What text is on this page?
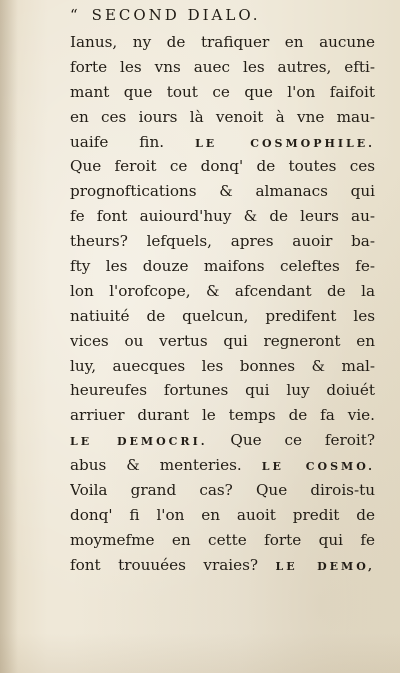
“ SECOND DIALO.
Ianus, ny de trafiquer en aucune
forte les vns auec les autres, efti-
mant que tout ce que l'on faifoit
en ces iours là venoit à vne mau-
uaife fin. LE COSMOPHILE.
Que feroit ce donq' de toutes ces
prognoftications & almanacs qui
fe font auiourd'huy & de leurs au-
theurs? lefquels, apres auoir ba-
fty les douze maifons celeftes fe-
lon l'orofcope, & afcendant de la
natiuité de quelcun, predifent les
vices ou vertus qui regneront en
luy, auecques les bonnes & mal-
heureufes fortunes qui luy doiuét
arriuer durant le temps de fa vie.
LE DEMOCRI. Que ce feroit?
abus & menteries. LE COSMO.
Voila grand cas? Que dirois-tu
donq' fi l'on en auoit predit de
moymefme en cette forte qui fe
font trouuées vraies? LE DEMO,
